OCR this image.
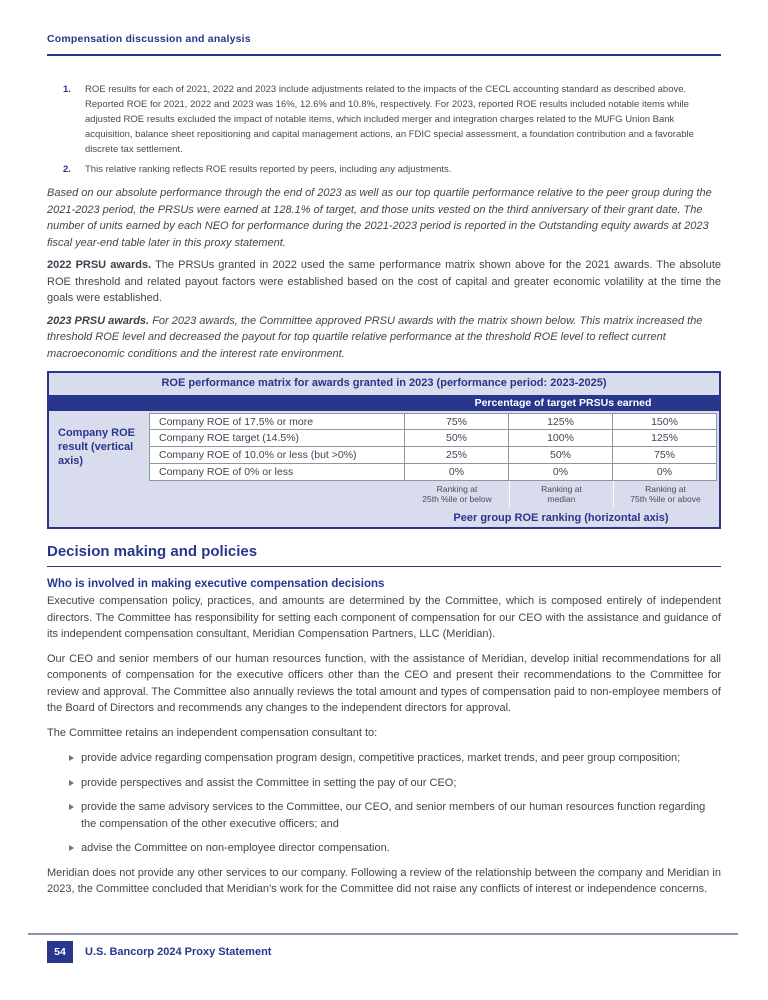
Compensation discussion and analysis
1.	ROE results for each of 2021, 2022 and 2023 include adjustments related to the impacts of the CECL accounting standard as described above. Reported ROE for 2021, 2022 and 2023 was 16%, 12.6% and 10.8%, respectively. For 2023, reported ROE results included notable items while adjusted ROE results excluded the impact of notable items, which included merger and integration charges related to the MUFG Union Bank acquisition, balance sheet repositioning and capital management actions, an FDIC special assessment, a foundation contribution and a favorable discrete tax settlement.
2.	This relative ranking reflects ROE results reported by peers, including any adjustments.

Based on our absolute performance through the end of 2023 as well as our top quartile performance relative to the peer group during the 2021-2023 period, the PRSUs were earned at 128.1% of target, and those units vested on the third anniversary of their grant date. The number of units earned by each NEO for performance during the 2021-2023 period is reported in the Outstanding equity awards at 2023 fiscal year-end table later in this proxy statement.

2022 PRSU awards. The PRSUs granted in 2022 used the same performance matrix shown above for the 2021 awards. The absolute ROE threshold and related payout factors were established based on the cost of capital and greater economic volatility at the time the goals were established.

2023 PRSU awards. For 2023 awards, the Committee approved PRSU awards with the matrix shown below. This matrix increased the threshold ROE level and decreased the payout for top quartile relative performance at the threshold ROE level to reflect current macroeconomic conditions and the interest rate environment.

ROE performance matrix for awards granted in 2023 (performance period: 2023-2025)
Percentage of target PRSUs earned
Company ROE result (vertical axis)
Company ROE of 17.5% or more	75%	125%	150%
Company ROE target (14.5%)	50%	100%	125%
Company ROE of 10.0% or less (but >0%)	25%	50%	75%
Company ROE of 0% or less	0%	0%	0%
Ranking at
25th %ile or below
Ranking at
median
Ranking at
75th %ile or above
Peer group ROE ranking (horizontal axis)
Decision making and policies
Who is involved in making executive compensation decisions

Executive compensation policy, practices, and amounts are determined by the Committee, which is composed entirely of independent directors. The Committee has responsibility for setting each component of compensation for our CEO with the assistance and guidance of its independent compensation consultant, Meridian Compensation Partners, LLC (Meridian).

Our CEO and senior members of our human resources function, with the assistance of Meridian, develop initial recommendations for all components of compensation for the executive officers other than the CEO and present their recommendations to the Committee for review and approval. The Committee also annually reviews the total amount and types of compensation paid to non-employee members of the Board of Directors and recommends any changes to the independent directors for approval.

The Committee retains an independent compensation consultant to:

provide advice regarding compensation program design, competitive practices, market trends, and peer group composition;
provide perspectives and assist the Committee in setting the pay of our CEO;
provide the same advisory services to the Committee, our CEO, and senior members of our human resources function regarding the compensation of the other executive officers; and
advise the Committee on non-employee director compensation.

Meridian does not provide any other services to our company. Following a review of the relationship between the company and Meridian in 2023, the Committee concluded that Meridian’s work for the Committee did not raise any conflicts of interest or independence concerns.

54	U.S. Bancorp 2024 Proxy Statement
